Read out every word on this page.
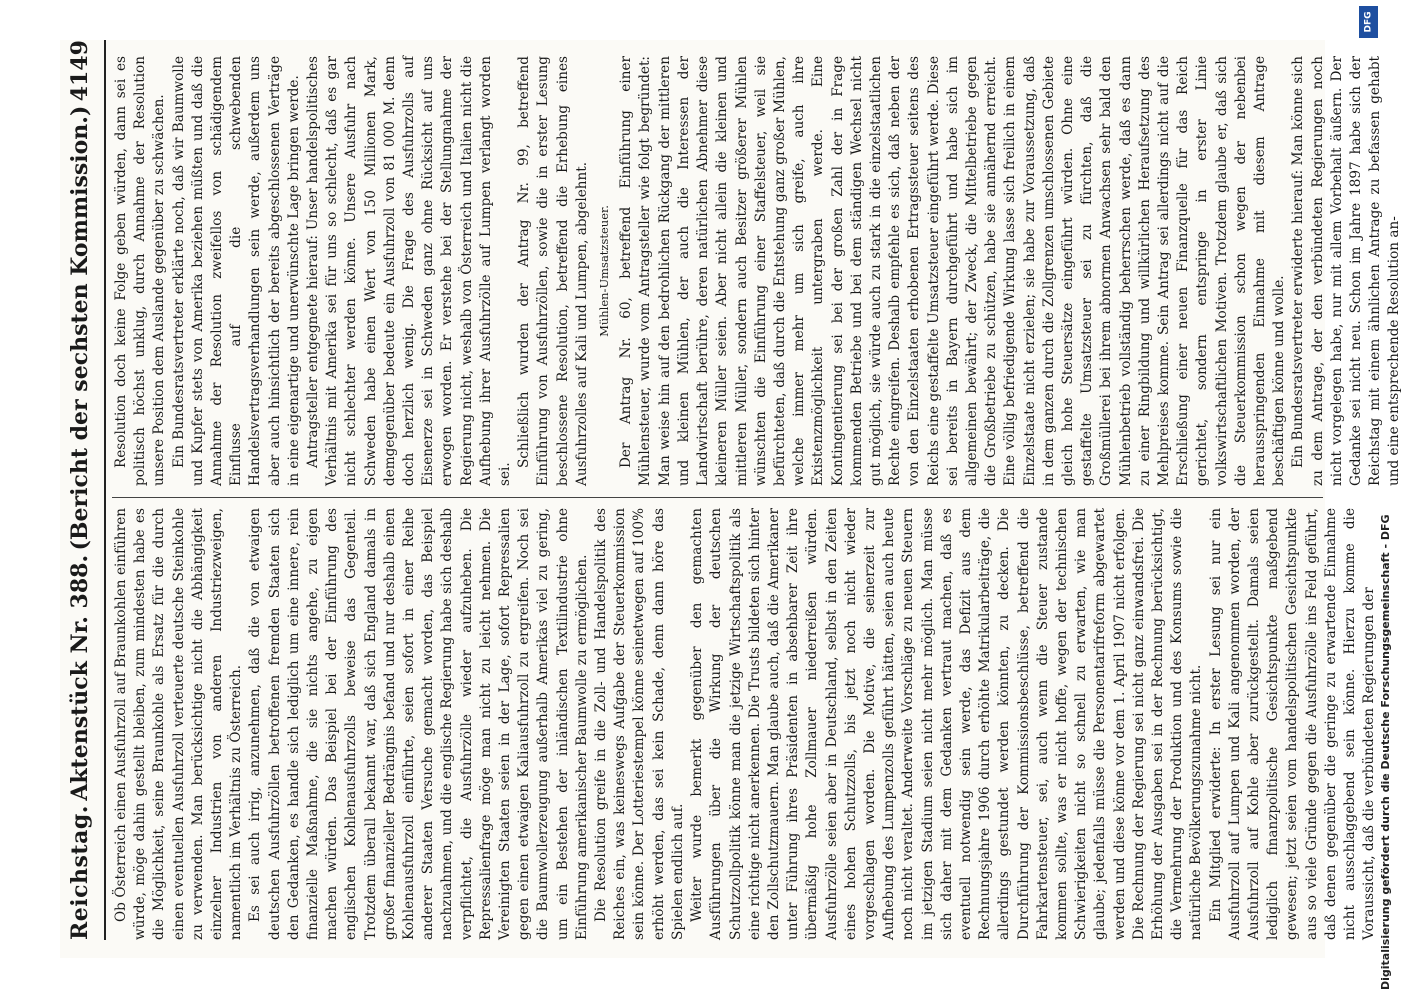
Reichstag.
Aktenstück Nr. 388.
(Bericht der sechsten Kommission.)
4149

Ob Österreich einen Ausfuhrzoll auf Braunkohlen einführen würde, möge dahin gestellt bleiben, zum mindesten habe es die Möglichkeit, seine Braunkohle als Ersatz für die durch einen eventuellen Ausfuhrzoll verteuerte deutsche Steinkohle zu verwenden. Man berücksichtige nicht die Abhängigkeit einzelner Industrien von anderen Industriezweigen, namentlich im Verhältnis zu Österreich. Es sei auch irrig, anzunehmen, daß die von etwaigen deutschen Ausfuhrzöllen betroffenen fremden Staaten sich den Gedanken, es handle sich lediglich um eine innere, rein finanzielle Maßnahme, die sie nichts angehe, zu eigen machen würden. Das Beispiel bei der Einführung des englischen Kohlenausfuhrzolls beweise das Gegenteil. Trotzdem überall bekannt war, daß sich England damals in großer finanzieller Bedrängnis befand und nur deshalb einen Kohlenausfuhrzoll einführte, seien sofort in einer Reihe anderer Staaten Versuche gemacht worden, das Beispiel nachzuahmen, und die englische Regierung habe sich deshalb verpflichtet, die Ausfuhrzölle wieder aufzuheben. Die Repressalienfrage möge man nicht zu leicht nehmen. Die Vereinigten Staaten seien in der Lage, sofort Repressalien gegen einen etwaigen Kaliausfuhrzoll zu ergreifen. Noch sei die Baumwollerzeugung außerhalb Amerikas viel zu gering, um ein Bestehen der inländischen Textilindustrie ohne Einführung amerikanischer Baumwolle zu ermöglichen. Die Resolution greife in die Zoll- und Handelspolitik des Reiches ein, was keineswegs Aufgabe der Steuerkommission sein könne. Der Lotteriestempel könne seinetwegen auf 100% erhöht werden, das sei kein Schade, denn dann höre das Spielen endlich auf. Weiter wurde bemerkt gegenüber den gemachten Ausführungen über die Wirkung der deutschen Schutzzollpolitik könne man die jetzige Wirtschaftspolitik als eine richtige nicht anerkennen. Die Trusts bildeten sich hinter den Zollschutzmauern. Man glaube auch, daß die Amerikaner unter Führung ihres Präsidenten in absehbarer Zeit ihre übermäßig hohe Zollmauer niederreißen würden. Ausfuhrzölle seien aber in Deutschland, selbst in den Zeiten eines hohen Schutzzolls, bis jetzt noch nicht wieder vorgeschlagen worden. Die Motive, die seinerzeit zur Aufhebung des Lumpenzolls geführt hätten, seien auch heute noch nicht veraltet. Anderweite Vorschläge zu neuen Steuern im jetzigen Stadium seien nicht mehr möglich. Man müsse sich daher mit dem Gedanken vertraut machen, daß es eventuell notwendig sein werde, das Defizit aus dem Rechnungsjahre 1906 durch erhöhte Matrikularbeiträge, die allerdings gestundet werden könnten, zu decken. Die Durchführung der Kommissionsbeschlüsse, betreffend die Fahrkartensteuer, sei, auch wenn die Steuer zustande kommen sollte, was er nicht hoffe, wegen der technischen Schwierigkeiten nicht so schnell zu erwarten, wie man glaube; jedenfalls müsse die Personentarifreform abgewartet werden und diese könne vor dem 1. April 1907 nicht erfolgen. Die Rechnung der Regierung sei nicht ganz einwandsfrei. Die Erhöhung der Ausgaben sei in der Rechnung berücksichtigt, die Vermehrung der Produktion und des Konsums sowie die natürliche Bevölkerungszunahme nicht. Ein Mitglied erwiderte: In erster Lesung sei nur ein Ausfuhrzoll auf Lumpen und Kali angenommen worden, der Ausfuhrzoll auf Kohle aber zurückgestellt. Damals seien lediglich finanzpolitische Gesichtspunkte maßgebend gewesen; jetzt seien vom handelspolitischen Gesichtspunkte aus so viele Gründe gegen die Ausfuhrzölle ins Feld geführt, daß denen gegenüber die geringe zu erwartende Einnahme nicht ausschlaggebend sein könne. Hierzu komme die Voraussicht, daß die verbündeten Regierungen der

Resolution doch keine Folge geben würden, dann sei es politisch höchst unklug, durch Annahme der Resolution unsere Position dem Auslande gegenüber zu schwächen. Ein Bundesratsvertreter erklärte noch, daß wir Baumwolle und Kupfer stets von Amerika beziehen müßten und daß die Annahme der Resolution zweifellos von schädigendem Einflusse auf die schwebenden Handelsvertragsverhandlungen sein werde, außerdem uns aber auch hinsichtlich der bereits abgeschlossenen Verträge in eine eigenartige und unerwünschte Lage bringen werde. Antragsteller entgegnete hierauf: Unser handelspolitisches Verhältnis mit Amerika sei für uns so schlecht, daß es gar nicht schlechter werden könne. Unsere Ausfuhr nach Schweden habe einen Wert von 150 Millionen Mark, demgegenüber bedeute ein Ausfuhrzoll von 81 000 M. denn doch herzlich wenig. Die Frage des Ausfuhrzolls auf Eisenerze sei in Schweden ganz ohne Rücksicht auf uns erwogen worden. Er verstehe bei der Stellungnahme der Regierung nicht, weshalb von Österreich und Italien nicht die Aufhebung ihrer Ausfuhrzölle auf Lumpen verlangt worden sei.

Schließlich wurden der Antrag Nr. 99, betreffend Einführung von Ausfuhrzöllen, sowie die in erster Lesung beschlossene Resolution, betreffend die Erhebung eines Ausfuhrzolles auf Kali und Lumpen, abgelehnt. Mühlen-Umsatzsteuer. Der Antrag Nr. 60, betreffend Einführung einer Mühlensteuer, wurde vom Antragsteller wie folgt begründet: Man weise hin auf den bedrohlichen Rückgang der mittleren und kleinen Mühlen, der auch die Interessen der Landwirtschaft berühre, deren natürlichen Abnehmer diese kleineren Müller seien. Aber nicht allein die kleinen und mittleren Müller, sondern auch Besitzer größerer Mühlen wünschten die Einführung einer Staffelsteuer, weil sie befürchteten, daß durch die Entstehung ganz großer Mühlen, welche immer mehr um sich greife, auch ihre Existenzmöglichkeit untergraben werde. Eine Kontingentierung sei bei der großen Zahl der in Frage kommenden Betriebe und bei dem ständigen Wechsel nicht gut möglich, sie würde auch zu stark in die einzelstaatlichen Rechte eingreifen. Deshalb empfehle es sich, daß neben der von den Einzelstaaten erhobenen Ertragssteuer seitens des Reichs eine gestaffelte Umsatzsteuer eingeführt werde. Diese sei bereits in Bayern durchgeführt und habe sich im allgemeinen bewährt; der Zweck, die Mittelbetriebe gegen die Großbetriebe zu schützen, habe sie annähernd erreicht. Eine völlig befriedigende Wirkung lasse sich freilich in einem Einzelstaate nicht erzielen; sie habe zur Voraussetzung, daß in dem ganzen durch die Zollgrenzen umschlossenen Gebiete gleich hohe Steuersätze eingeführt würden. Ohne eine gestaffelte Umsatzsteuer sei zu fürchten, daß die Großmüllerei bei ihrem abnormen Anwachsen sehr bald den Mühlenbetrieb vollständig beherrschen werde, daß es dann zu einer Ringbildung und willkürlichen Heraufsetzung des Mehlpreises komme. Sein Antrag sei allerdings nicht auf die Erschließung einer neuen Finanzquelle für das Reich gerichtet, sondern entspringe in erster Linie volkswirtschaftlichen Motiven. Trotzdem glaube er, daß sich die Steuerkommission schon wegen der nebenbei herausspringenden Einnahme mit diesem Antrage beschäftigen könne und wolle. Ein Bundesratsvertreter erwiderte hierauf: Man könne sich zu dem Antrage, der den verbündeten Regierungen noch nicht vorgelegen habe, nur mit allem Vorbehalt äußern. Der Gedanke sei nicht neu. Schon im Jahre 1897 habe sich der Reichstag mit einem ähnlichen Antrage zu befassen gehabt und eine entsprechende Resolution an-

DFG
Digitalisierung gefördert durch die Deutsche Forschungsgemeinschaft - DFG
